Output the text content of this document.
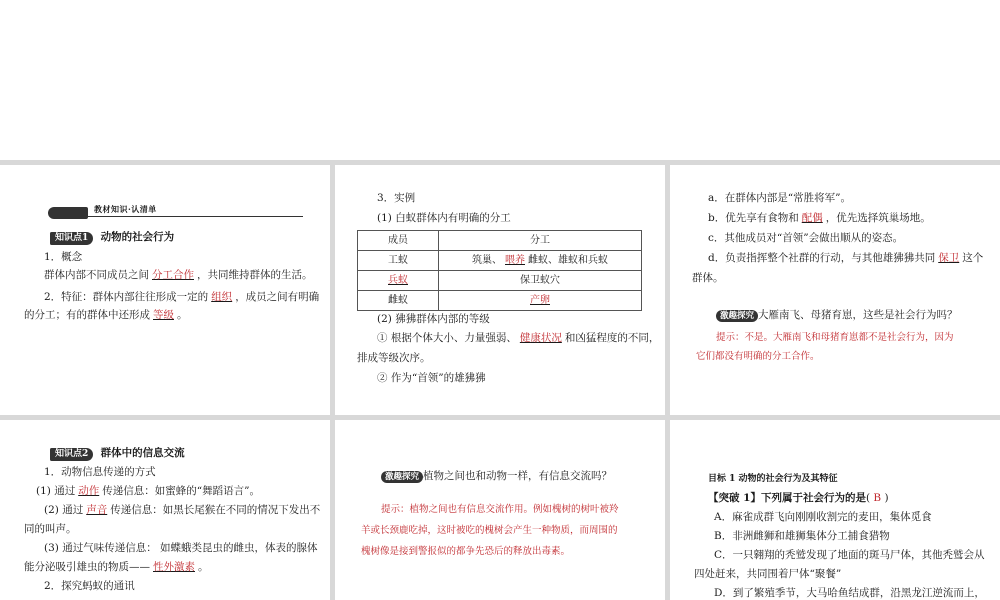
教材知识·认清单
知识点1 动物的社会行为
1．概念
群体内部不同成员之间 分工合作 ，共同维持群体的生活。
2．特征：群体内部往往形成一定的 组织 ，成员之间有明确
的分工；有的群体中还形成 等级 。
3．实例
(1) 白蚁群体内有明确的分工
成员	分工
工蚁	筑巢、 喂养 雌蚁、雄蚁和兵蚁
兵蚁	保卫蚁穴
雌蚁	产卵
(2) 狒狒群体内部的等级
① 根据个体大小、力量强弱、 健康状况 和凶猛程度的不同，
排成等级次序。
② 作为“首领”的雄狒狒
a．在群体内部是“常胜将军”。
b．优先享有食物和 配偶 ，优先选择筑巢场地。
c．其他成员对“首领”会做出顺从的姿态。
d．负责指挥整个社群的行动，与其他雄狒狒共同 保卫 这个
群体。
激趣探究 大雁南飞、母猪育崽，这些是社会行为吗？
提示：不是。大雁南飞和母猪育崽都不是社会行为，因为
它们都没有明确的分工合作。
知识点2 群体中的信息交流
1．动物信息传递的方式
(1) 通过 动作 传递信息：如蜜蜂的“舞蹈语言”。
(2) 通过 声音 传递信息：如黑长尾猴在不同的情况下发出不
同的叫声。
(3) 通过气味传递信息： 如蝶蛾类昆虫的雌虫，体表的腺体
能分泌吸引雄虫的物质—— 性外激素 。
2．探究蚂蚁的通讯
激趣探究 植物之间也和动物一样，有信息交流吗？
提示：植物之间也有信息交流作用。例如槐树的树叶被羚
羊或长颈鹿吃掉，这时被吃的槐树会产生一种物质，而周围的
槐树像是接到警报似的都争先恐后的释放出毒素。
目标 1 动物的社会行为及其特征
【突破 1】下列属于社会行为的是( B )
A．麻雀成群飞向刚刚收割完的麦田，集体觅食
B．非洲雌狮和雄狮集体分工捕食猎物
C．一只翱翔的秃鹫发现了地面的斑马尸体，其他秃鹫会从
四处赶来，共同围着尸体“聚餐”
D．到了繁殖季节，大马哈鱼结成群，沿黑龙江逆流而上，
